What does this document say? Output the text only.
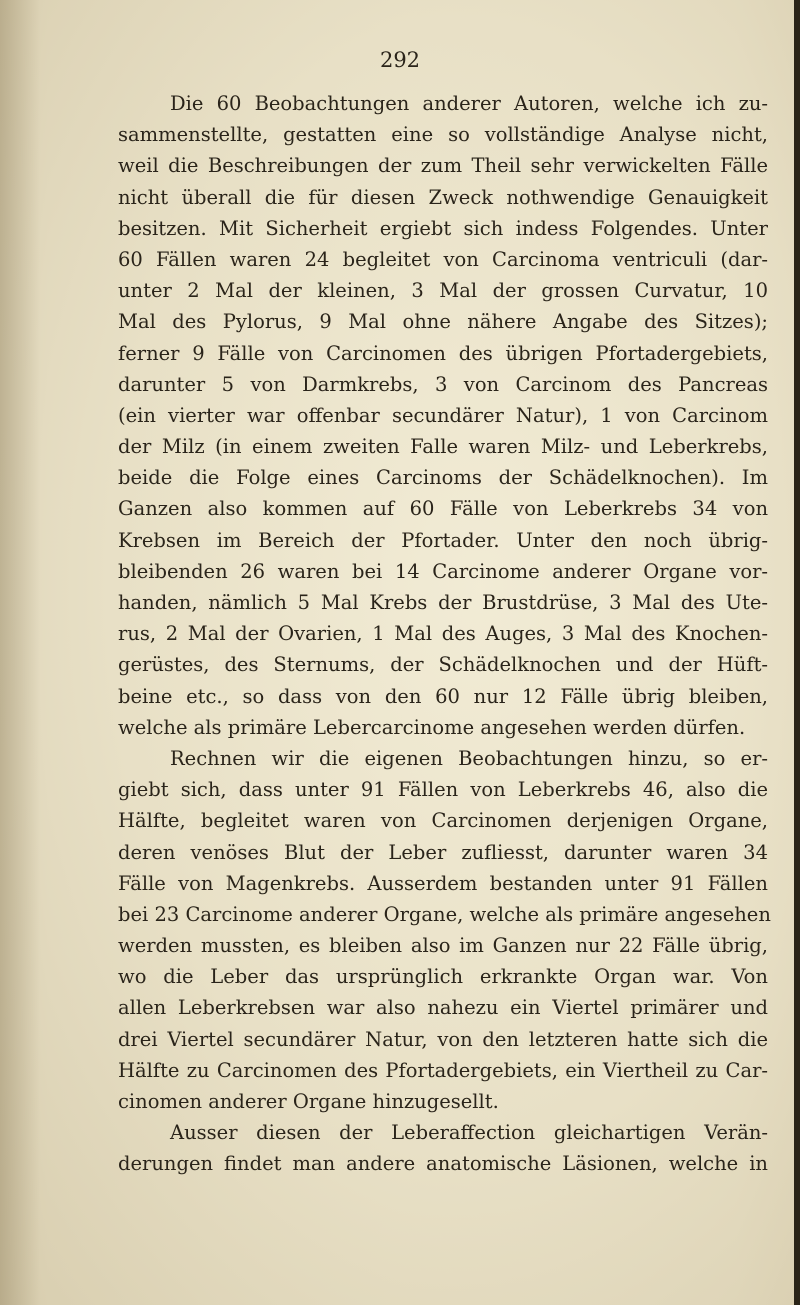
292

Die 60 Beobachtungen anderer Autoren, welche ich zu-
sammenstellte, gestatten eine so vollständige Analyse nicht,
weil die Beschreibungen der zum Theil sehr verwickelten Fälle
nicht überall die für diesen Zweck nothwendige Genauigkeit
besitzen. Mit Sicherheit ergiebt sich indess Folgendes. Unter
60 Fällen waren 24 begleitet von Carcinoma ventriculi (dar-
unter 2 Mal der kleinen, 3 Mal der grossen Curvatur, 10
Mal des Pylorus, 9 Mal ohne nähere Angabe des Sitzes);
ferner 9 Fälle von Carcinomen des übrigen Pfortadergebiets,
darunter 5 von Darmkrebs, 3 von Carcinom des Pancreas
(ein vierter war offenbar secundärer Natur), 1 von Carcinom
der Milz (in einem zweiten Falle waren Milz- und Leberkrebs,
beide die Folge eines Carcinoms der Schädelknochen). Im
Ganzen also kommen auf 60 Fälle von Leberkrebs 34 von
Krebsen im Bereich der Pfortader. Unter den noch übrig-
bleibenden 26 waren bei 14 Carcinome anderer Organe vor-
handen, nämlich 5 Mal Krebs der Brustdrüse, 3 Mal des Ute-
rus, 2 Mal der Ovarien, 1 Mal des Auges, 3 Mal des Knochen-
gerüstes, des Sternums, der Schädelknochen und der Hüft-
beine etc., so dass von den 60 nur 12 Fälle übrig bleiben,
welche als primäre Lebercarcinome angesehen werden dürfen.
Rechnen wir die eigenen Beobachtungen hinzu, so er-
giebt sich, dass unter 91 Fällen von Leberkrebs 46, also die
Hälfte, begleitet waren von Carcinomen derjenigen Organe,
deren venöses Blut der Leber zufliesst, darunter waren 34
Fälle von Magenkrebs. Ausserdem bestanden unter 91 Fällen
bei 23 Carcinome anderer Organe, welche als primäre angesehen
werden mussten, es bleiben also im Ganzen nur 22 Fälle übrig,
wo die Leber das ursprünglich erkrankte Organ war. Von
allen Leberkrebsen war also nahezu ein Viertel primärer und
drei Viertel secundärer Natur, von den letzteren hatte sich die
Hälfte zu Carcinomen des Pfortadergebiets, ein Viertheil zu Car-
cinomen anderer Organe hinzugesellt.
Ausser diesen der Leberaffection gleichartigen Verän-
derungen findet man andere anatomische Läsionen, welche in
